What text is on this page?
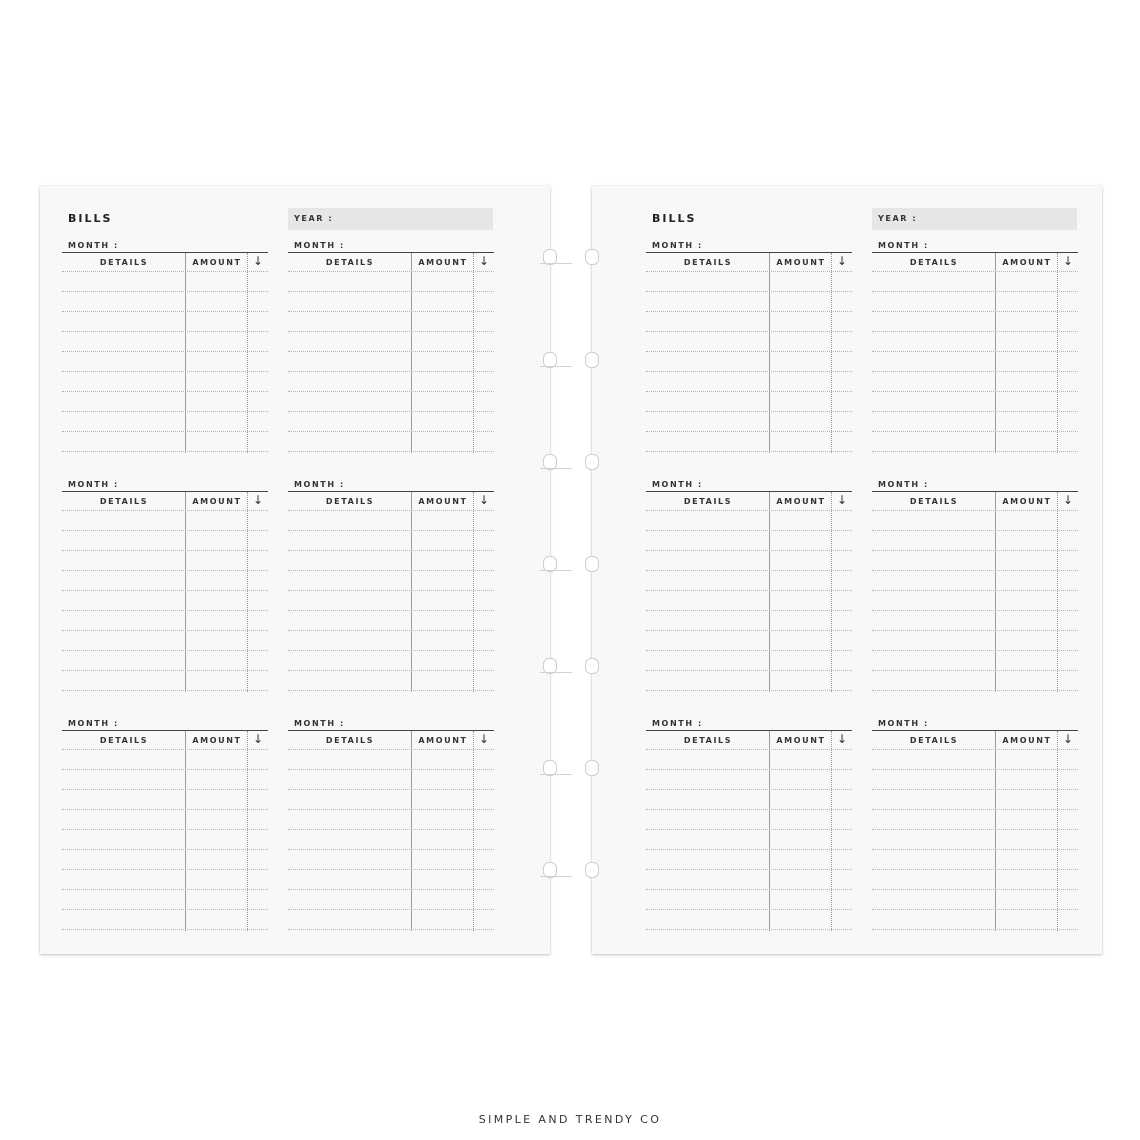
BILLS	YEAR :
MONTH :
DETAILS	AMOUNT ↓
MONTH :
DETAILS	AMOUNT ↓
MONTH :
DETAILS	AMOUNT ↓
MONTH :
DETAILS	AMOUNT ↓
MONTH :
DETAILS	AMOUNT ↓
MONTH :
DETAILS	AMOUNT ↓
BILLS	YEAR :
MONTH :
DETAILS	AMOUNT ↓
MONTH :
DETAILS	AMOUNT ↓
MONTH :
DETAILS	AMOUNT ↓
MONTH :
DETAILS	AMOUNT ↓
MONTH :
DETAILS	AMOUNT ↓
MONTH :
DETAILS	AMOUNT ↓
SIMPLE AND TRENDY CO
